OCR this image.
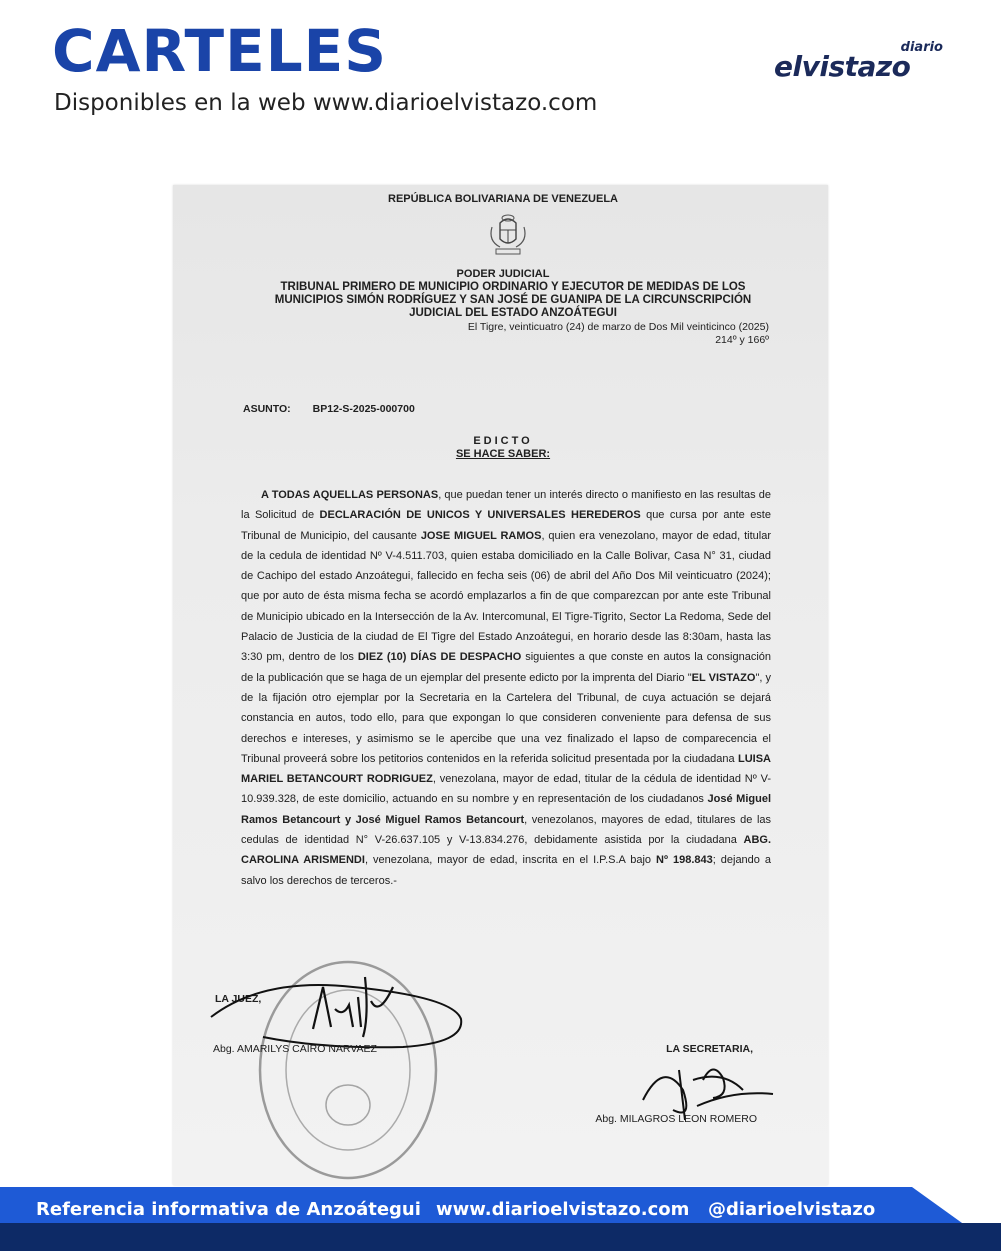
CARTELES
Disponibles en la web www.diarioelvistazo.com
diario
elvistazo
REPÚBLICA BOLIVARIANA DE VENEZUELA
PODER JUDICIAL
TRIBUNAL PRIMERO DE MUNICIPIO ORDINARIO Y EJECUTOR DE MEDIDAS DE LOS
MUNICIPIOS SIMÓN RODRÍGUEZ Y SAN JOSÉ DE GUANIPA DE LA CIRCUNSCRIPCIÓN
JUDICIAL DEL ESTADO ANZOÁTEGUI
El Tigre, veinticuatro (24) de marzo de Dos Mil veinticinco (2025)
214º y 166º
ASUNTO: BP12-S-2025-000700
EDICTO
SE HACE SABER:
A TODAS AQUELLAS PERSONAS, que puedan tener un interés directo o manifiesto en las resultas de la Solicitud de DECLARACIÓN DE UNICOS Y UNIVERSALES HEREDEROS que cursa por ante este Tribunal de Municipio, del causante JOSE MIGUEL RAMOS, quien era venezolano, mayor de edad, titular de la cedula de identidad Nº V-4.511.703, quien estaba domiciliado en la Calle Bolivar, Casa N° 31, ciudad de Cachipo del estado Anzoátegui, fallecido en fecha seis (06) de abril del Año Dos Mil veinticuatro (2024); que por auto de ésta misma fecha se acordó emplazarlos a fin de que comparezcan por ante este Tribunal de Municipio ubicado en la Intersección de la Av. Intercomunal, El Tigre-Tigrito, Sector La Redoma, Sede del Palacio de Justicia de la ciudad de El Tigre del Estado Anzoátegui, en horario desde las 8:30am, hasta las 3:30 pm, dentro de los DIEZ (10) DÍAS DE DESPACHO siguientes a que conste en autos la consignación de la publicación que se haga de un ejemplar del presente edicto por la imprenta del Diario "EL VISTAZO", y de la fijación otro ejemplar por la Secretaria en la Cartelera del Tribunal, de cuya actuación se dejará constancia en autos, todo ello, para que expongan lo que consideren conveniente para defensa de sus derechos e intereses, y asimismo se le apercibe que una vez finalizado el lapso de comparecencia el Tribunal proveerá sobre los petitorios contenidos en la referida solicitud presentada por la ciudadana LUISA MARIEL BETANCOURT RODRIGUEZ, venezolana, mayor de edad, titular de la cédula de identidad Nº V-10.939.328, de este domicilio, actuando en su nombre y en representación de los ciudadanos José Miguel Ramos Betancourt y José Miguel Ramos Betancourt, venezolanos, mayores de edad, titulares de las cedulas de identidad N° V-26.637.105 y V-13.834.276, debidamente asistida por la ciudadana ABG. CAROLINA ARISMENDI, venezolana, mayor de edad, inscrita en el I.P.S.A bajo Nº 198.843; dejando a salvo los derechos de terceros.-
LA JUEZ,
Abg. AMARILYS CAIRO NARVAEZ	LA SECRETARIA,
Abg. MILAGROS LEON ROMERO
Referencia informativa de Anzoátegui www.diarioelvistazo.com @diarioelvistazo
